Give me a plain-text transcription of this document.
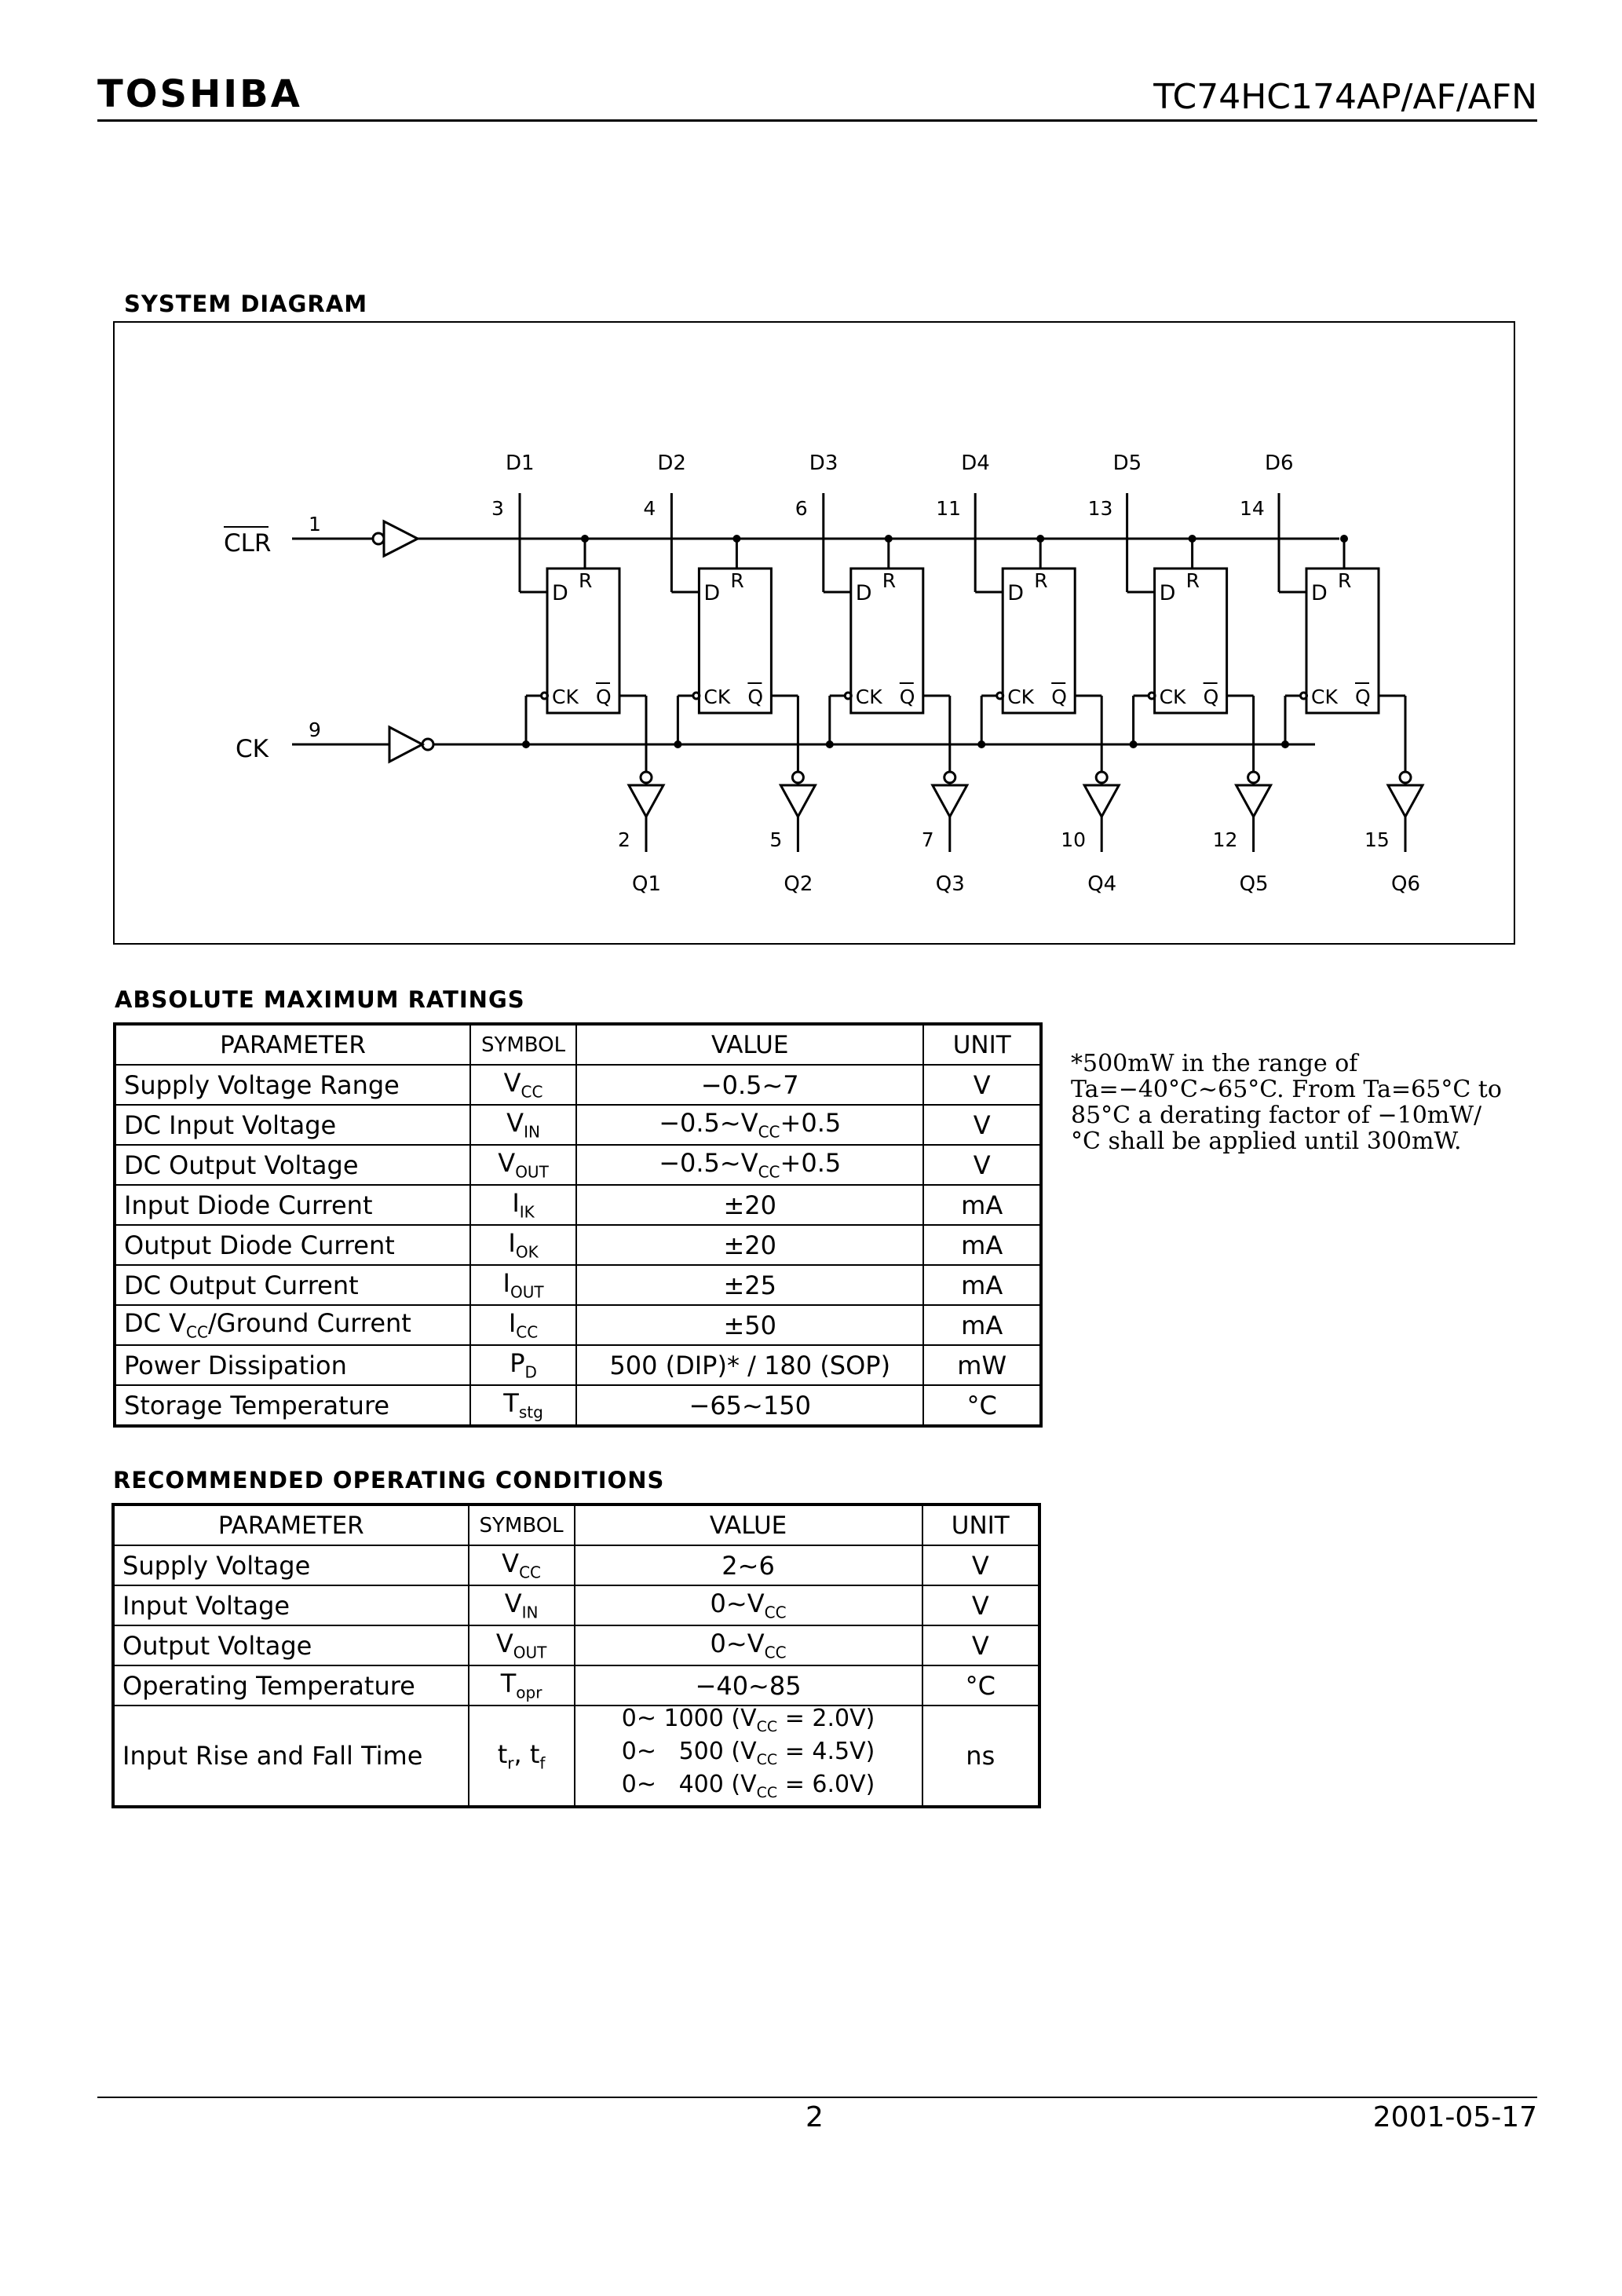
TOSHIBA	TC74HC174AP/AF/AFN
SYSTEM DIAGRAM
D
R
CK Q
D1
3
2
Q1
D
R
CK Q
D2
4
5
Q2
D
R
CK Q
D3
6
7
Q3
D
R
CK Q
D4
11
10
Q4
D
R
CK Q
D5
13
12
Q5
D
R
CK Q
D6
14
15
Q6
CLR
1
CK
9
ABSOLUTE MAXIMUM RATINGS
PARAMETER	SYMBOL	VALUE	UNIT
Supply Voltage Range	$V_{CC}$	−0.5~7	V
DC Input Voltage	$V_{IN}$	$-0.5\sim V_{CC}+0.5$	V
DC Output Voltage	$V_{OUT}$	$-0.5\sim V_{CC}+0.5$	V
Input Diode Current	$I_{IK}$	±20	mA
Output Diode Current	$I_{OK}$	±20	mA
DC Output Current	$I_{OUT}$	±25	mA
DC $V_{CC}$/Ground Current	$I_{CC}$	±50	mA
Power Dissipation	$P_D$	500 (DIP)* / 180 (SOP)	mW
Storage Temperature	$T_{stg}$	−65~150	°C
*500mW in the range of Ta=−40°C~65°C. From Ta=65°C to 85°C a derating factor of −10mW/°C shall be applied until 300mW.
RECOMMENDED OPERATING CONDITIONS
PARAMETER	SYMBOL	VALUE	UNIT
Supply Voltage	$V_{CC}$	2~6	V
Input Voltage	$V_{IN}$	$0\sim V_{CC}$	V
Output Voltage	$V_{OUT}$	$0\sim V_{CC}$	V
Operating Temperature	$T_{opr}$	−40~85	°C
Input Rise and Fall Time	$t_r$, $t_f$	0~ 1000 $(V_{CC} = 2.0V)$
0~   500 $(V_{CC} = 4.5V)$
0~   400 $(V_{CC} = 6.0V)$	ns
2	2001-05-17
